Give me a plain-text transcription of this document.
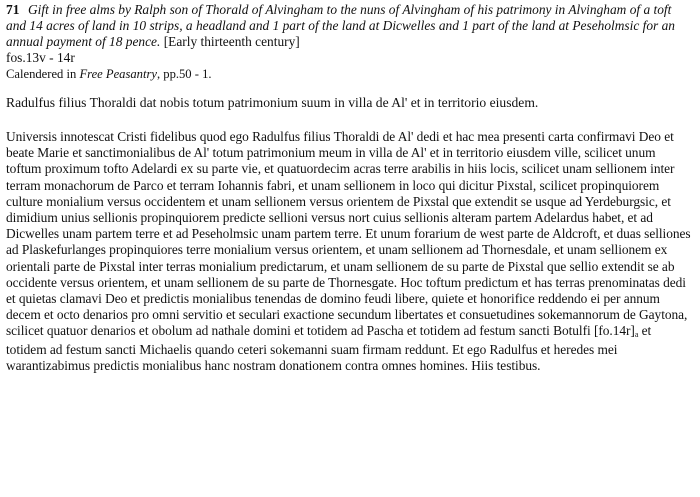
71 Gift in free alms by Ralph son of Thorald of Alvingham to the nuns of Alvingham of his patrimony in Alvingham of a toft and 14 acres of land in 10 strips, a headland and 1 part of the land at Dicwelles and 1 part of the land at Peseholmsic for an annual payment of 18 pence. [Early thirteenth century]
fos.13v - 14r
Calendered in Free Peasantry, pp.50 - 1.
Radulfus filius Thoraldi dat nobis totum patrimonium suum in villa de Al' et in territorio eiusdem.
Universis innotescat Cristi fidelibus quod ego Radulfus filius Thoraldi de Al' dedi et hac mea presenti carta confirmavi Deo et beate Marie et sanctimonialibus de Al' totum patrimonium meum in villa de Al' et in territorio eiusdem ville, scilicet unum toftum proximum tofto Adelardi ex su parte vie, et quatuordecim acras terre arabilis in hiis locis, scilicet unam sellionem inter terram monachorum de Parco et terram Iohannis fabri, et unam sellionem in loco qui dicitur Pixstal, scilicet propinquiorem culture monialium versus occidentem et unam sellionem versus orientem de Pixstal que extendit se usque ad Yerdeburgsic, et dimidium unius sellionis propinquiorem predicte sellioni versus nort cuius sellionis alteram partem Adelardus habet, et ad Dicwelles unam partem terre et ad Peseholmsic unam partem terre. Et unum forarium de west parte de Aldcroft, et duas selliones ad Plaskefurlanges propinquiores terre monialium versus orientem, et unam sellionem ad Thornesdale, et unam sellionem ex orientali parte de Pixstal inter terras monialium predictarum, et unam sellionem de su parte de Pixstal que sellio extendit se ab occidente versus orientem, et unam sellionem de su parte de Thornesgate. Hoc toftum predictum et has terras prenominatas dedi et quietas clamavi Deo et predictis monialibus tenendas de domino feudi libere, quiete et honorifice reddendo ei per annum decem et octo denarios pro omni servitio et seculari exactione secundum libertates et consuetudines sokemannorum de Gaytona, scilicet quatuor denarios et obolum ad nathale domini et totidem ad Pascha et totidem ad festum sancti Botulfi [fo.14r]a et totidem ad festum sancti Michaelis quando ceteri sokemanni suam firmam reddunt. Et ego Radulfus et heredes mei warantizabimus predictis monialibus hanc nostram donationem contra omnes homines. Hiis testibus.
